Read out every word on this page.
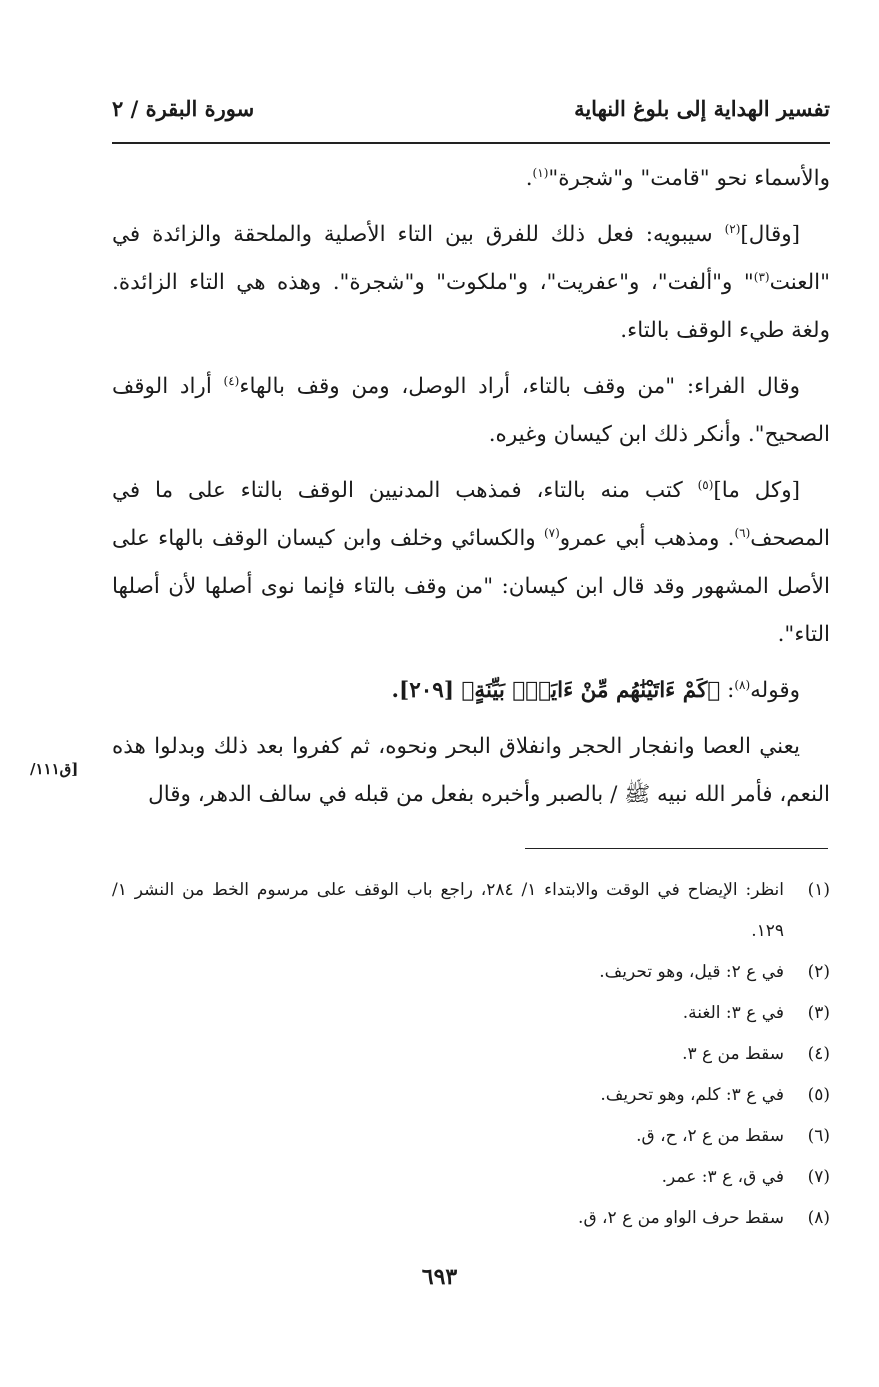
تفسير الهداية إلى بلوغ النهاية
سورة البقرة / ٢

والأسماء نحو "قامت" و"شجرة"$^{(١)}$.

[وقال]$^{(٢)}$ سيبويه: فعل ذلك للفرق بين التاء الأصلية والملحقة والزائدة في "العنت$^{(٣)}$" و"ألفت"، و"عفريت"، و"ملكوت" و"شجرة". وهذه هي التاء الزائدة. ولغة طيء الوقف بالتاء.

وقال الفراء: "من وقف بالتاء، أراد الوصل، ومن وقف بالهاء$^{(٤)}$ أراد الوقف الصحيح". وأنكر ذلك ابن كيسان وغيره.

[وكل ما]$^{(٥)}$ كتب منه بالتاء، فمذهب المدنيين الوقف بالتاء على ما في المصحف$^{(٦)}$. ومذهب أبي عمرو$^{(٧)}$ والكسائي وخلف وابن كيسان الوقف بالهاء على الأصل المشهور وقد قال ابن كيسان: "من وقف بالتاء فإنما نوى أصلها لأن أصلها التاء".

وقوله$^{(٨)}$: ﴿كَمْ ءَاتَيْنَٰهُم مِّنْ ءَايَةٍۭ بَيِّنَةٍ﴾ [٢٠٩].

يعني العصا وانفجار الحجر وانفلاق البحر ونحوه، ثم كفروا بعد ذلك وبدلوا هذه النعم، فأمر الله نبيه ﷺ / بالصبر وأخبره بفعل من قبله في سالف الدهر، وقال

[ق١١١/
(١)
انظر: الإيضاح في الوقت والابتداء ١/ ٢٨٤، راجع باب الوقف على مرسوم الخط من النشر ١/ ١٢٩.
(٢)
في ع ٢: قيل، وهو تحريف.
(٣)
في ع ٣: الغنة.
(٤)
سقط من ع ٣.
(٥)
في ع ٣: كلم، وهو تحريف.
(٦)
سقط من ع ٢، ح، ق.
(٧)
في ق، ع ٣: عمر.
(٨)
سقط حرف الواو من ع ٢، ق.
٦٩٣
